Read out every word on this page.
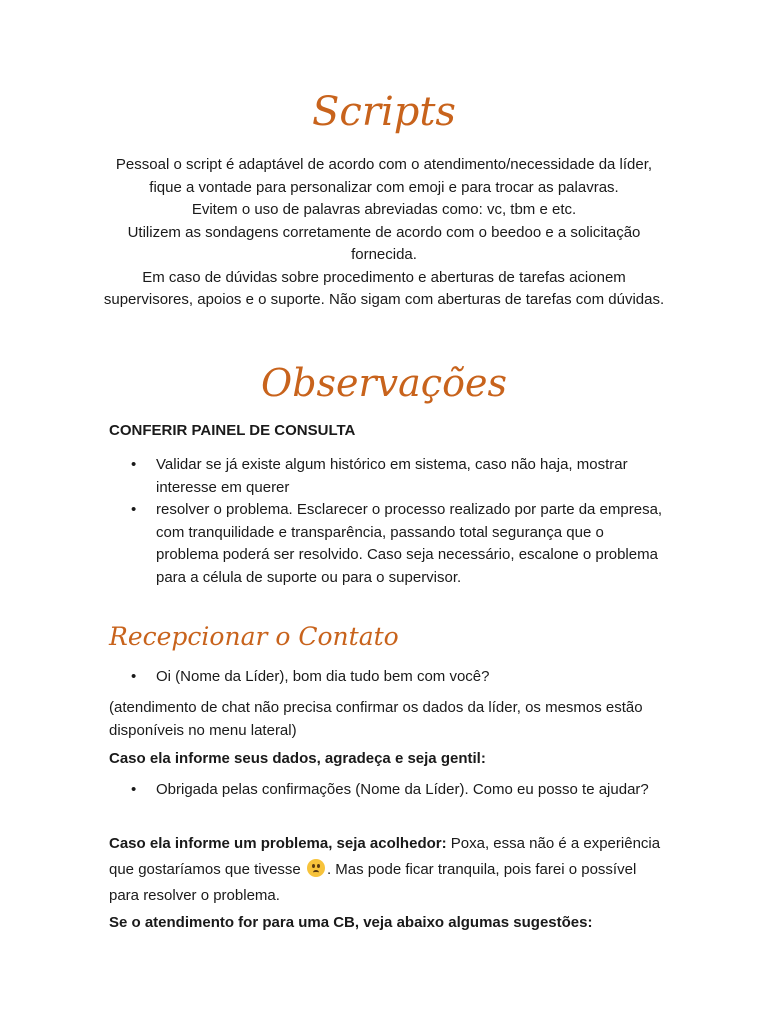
Scripts

Pessoal o script é adaptável de acordo com o atendimento/necessidade da líder, fique a vontade para personalizar com emoji e para trocar as palavras.

Evitem o uso de palavras abreviadas como: vc, tbm e etc.

Utilizem as sondagens corretamente de acordo com o beedoo e a solicitação fornecida.

Em caso de dúvidas sobre procedimento e aberturas de tarefas acionem supervisores, apoios e o suporte. Não sigam com aberturas de tarefas com dúvidas.

Observações

CONFERIR PAINEL DE CONSULTA

• Validar se já existe algum histórico em sistema, caso não haja, mostrar interesse em querer
• resolver o problema. Esclarecer o processo realizado por parte da empresa, com tranquilidade e transparência, passando total segurança que o problema poderá ser resolvido. Caso seja necessário, escalone o problema para a célula de suporte ou para o supervisor.
Recepcionar o Contato
• Oi (Nome da Líder), bom dia tudo bem com você?

(atendimento de chat não precisa confirmar os dados da líder, os mesmos estão disponíveis no menu lateral)

Caso ela informe seus dados, agradeça e seja gentil:

• Obrigada pelas confirmações (Nome da Líder). Como eu posso te ajudar?

Caso ela informe um problema, seja acolhedor: Poxa, essa não é a experiência que gostaríamos que tivesse
. Mas pode ficar tranquila, pois farei o possível para resolver o problema.

Se o atendimento for para uma CB, veja abaixo algumas sugestões:
